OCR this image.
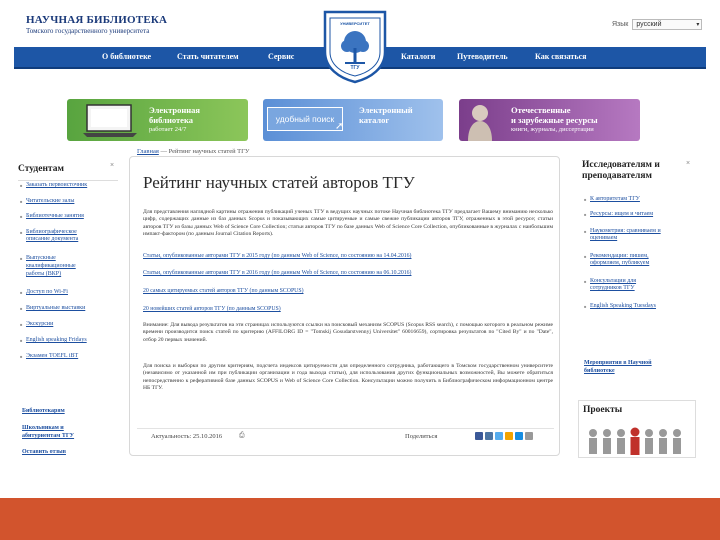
НАУЧНАЯ БИБЛИОТЕКА
Томского государственного университета
Язык русский	▾
О библиотеке	Стать читателем	Сервис	Каталоги	Путеводитель	Как связаться
УНИВЕРСИТЕТ
ТГУ
Электронная
библиотека
работает 24/7
удобный поиск
➚
Электронный
каталог
Отечественные
и зарубежные ресурсы
книги, журналы, диссертации
Студентам	×
■ Заказать первоисточник
■ Читательские залы
■ Библиотечные занятия
■ Библиографическое
описание документа
■ Выпускные
квалификационные
работы (ВКР)
■ Доступ по Wi-Fi
■ Виртуальные выставки
■ Экскурсии
■ English speaking Fridays
■ Экзамен TOEFL iBT
Библиотекарям
Школьникам и
абитуриентам ТГУ
Оставить отзыв
Главная — Рейтинг научных статей ТГУ
Рейтинг научных статей авторов ТГУ
Для представления наглядной картины отражения публикаций ученых ТГУ в ведущих научных потоке Научная библиотека ТГУ предлагает Вашему вниманию несколько цифр, содержащих данные из баз данных Scopus и показывающих самые цитируемые и самые свежие публикации авторов ТГУ, отраженных в этой ресурсе; статьи авторов ТГУ из базы данных Web of Science Core Collection; статьи авторов ТГУ по базе данных Web of Science Core Collection, опубликованные в журналах с наибольшим импакт-фактором (по данным Journal Citation Reports).
Статьи, опубликованные авторами ТГУ в 2015 году (по данным Web of Science, по состоянию на 14.04.2016)
Статьи, опубликованные авторами ТГУ в 2016 году (по данным Web of Science, по состоянию на 06.10.2016)
20 самых цитируемых статей авторов ТГУ (по данным SCOPUS)
20 новейших статей авторов ТГУ (по данным SCOPUS)
Внимание: Для вывода результатов на эти страницах используются ссылки на поисковый механизм SCOPUS (Scopus RSS search), с помощью которого в реальном режиме времени производится поиск статей по критерию (AFFILORG ID = "Tomskij Gosudarstvennyj Universitet" 60016659), сортировка результатов по "Cited By" и по "Date", отбор 20 первых значений.
Для поиска и выборки по другим критериям, подсчета индексов цитируемости для определенного сотрудника, работающего в Томском государственном университете (независимо от указанной им при публикации организации и года выхода статьи), для использования других функциональных возможностей, Вы можете обратиться непосредственно к реферативной базе данных SCOPUS и Web of Science Core Collection. Консультации можно получить в Библиографическом информационном центре НБ ТГУ.
Актуальность: 25.10.2016 ⎙	Поделиться
Исследователям и
преподавателям
×
■ К авторитетам ТГУ
■ Ресурсы: ищем и читаем
■ Наукометрия: сравниваем и
оцениваем
■ Рекомендации: пишем,
оформляем, публикуем
■ Консультации для
сотрудников ТГУ
■ English Speaking Tuesdays
Мероприятия в Научной
библиотеке
Проекты
